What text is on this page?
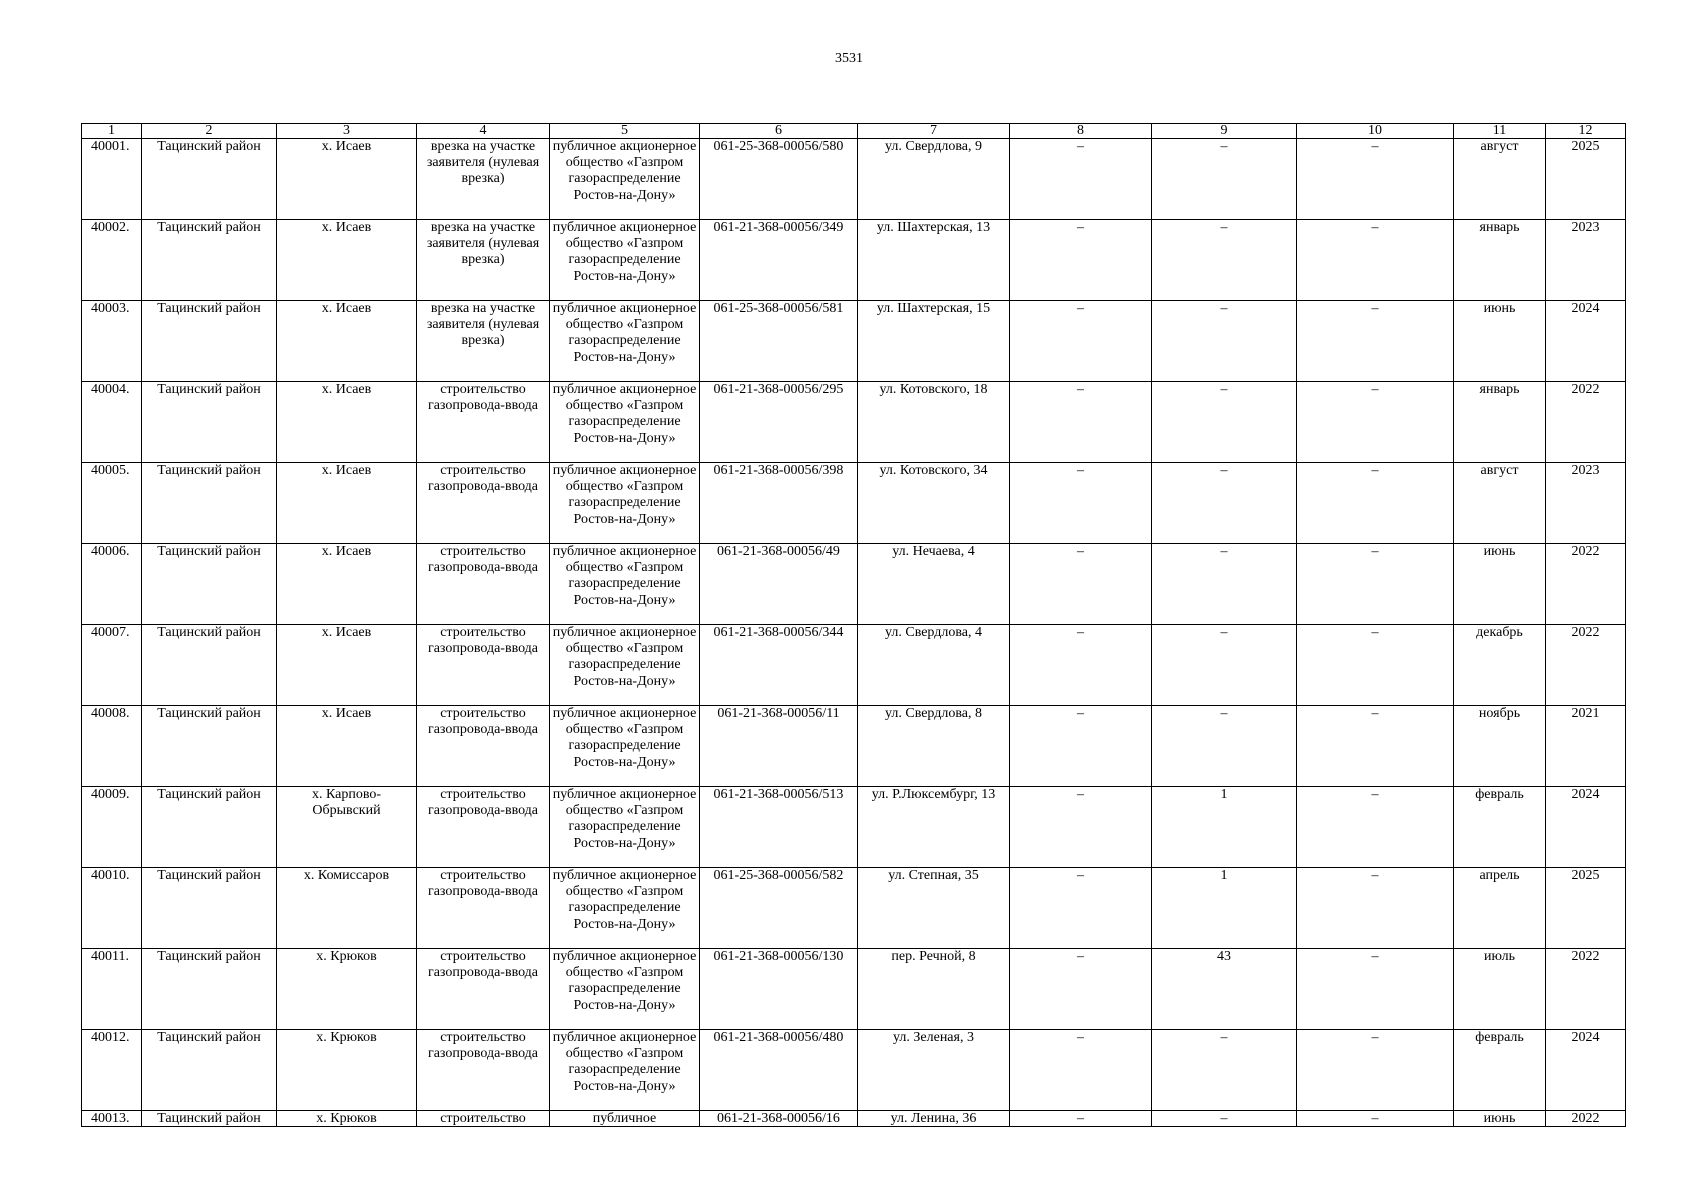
3531
1	2	3	4	5	6	7	8	9	10	11	12
40001.	Тацинский район	х. Исаев	врезка на участке заявителя (нулевая врезка)	публичное акционерное общество «Газпром газораспределение Ростов-на-Дону»	061-25-368-00056/580	ул. Свердлова, 9	–	–	–	август	2025
40002.	Тацинский район	х. Исаев	врезка на участке заявителя (нулевая врезка)	публичное акционерное общество «Газпром газораспределение Ростов-на-Дону»	061-21-368-00056/349	ул. Шахтерская, 13	–	–	–	январь	2023
40003.	Тацинский район	х. Исаев	врезка на участке заявителя (нулевая врезка)	публичное акционерное общество «Газпром газораспределение Ростов-на-Дону»	061-25-368-00056/581	ул. Шахтерская, 15	–	–	–	июнь	2024
40004.	Тацинский район	х. Исаев	строительство газопровода-ввода	публичное акционерное общество «Газпром газораспределение Ростов-на-Дону»	061-21-368-00056/295	ул. Котовского, 18	–	–	–	январь	2022
40005.	Тацинский район	х. Исаев	строительство газопровода-ввода	публичное акционерное общество «Газпром газораспределение Ростов-на-Дону»	061-21-368-00056/398	ул. Котовского, 34	–	–	–	август	2023
40006.	Тацинский район	х. Исаев	строительство газопровода-ввода	публичное акционерное общество «Газпром газораспределение Ростов-на-Дону»	061-21-368-00056/49	ул. Нечаева, 4	–	–	–	июнь	2022
40007.	Тацинский район	х. Исаев	строительство газопровода-ввода	публичное акционерное общество «Газпром газораспределение Ростов-на-Дону»	061-21-368-00056/344	ул. Свердлова, 4	–	–	–	декабрь	2022
40008.	Тацинский район	х. Исаев	строительство газопровода-ввода	публичное акционерное общество «Газпром газораспределение Ростов-на-Дону»	061-21-368-00056/11	ул. Свердлова, 8	–	–	–	ноябрь	2021
40009.	Тацинский район	х. Карпово-Обрывский	строительство газопровода-ввода	публичное акционерное общество «Газпром газораспределение Ростов-на-Дону»	061-21-368-00056/513	ул. Р.Люксембург, 13	–	1	–	февраль	2024
40010.	Тацинский район	х. Комиссаров	строительство газопровода-ввода	публичное акционерное общество «Газпром газораспределение Ростов-на-Дону»	061-25-368-00056/582	ул. Степная, 35	–	1	–	апрель	2025
40011.	Тацинский район	х. Крюков	строительство газопровода-ввода	публичное акционерное общество «Газпром газораспределение Ростов-на-Дону»	061-21-368-00056/130	пер. Речной, 8	–	43	–	июль	2022
40012.	Тацинский район	х. Крюков	строительство газопровода-ввода	публичное акционерное общество «Газпром газораспределение Ростов-на-Дону»	061-21-368-00056/480	ул. Зеленая, 3	–	–	–	февраль	2024
40013.	Тацинский район	х. Крюков	строительство	публичное	061-21-368-00056/16	ул. Ленина, 36	–	–	–	июнь	2022
